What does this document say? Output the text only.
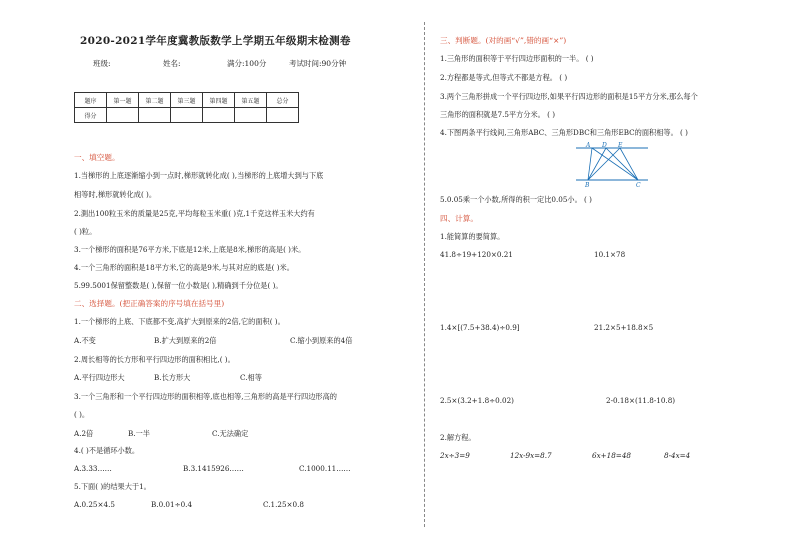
2020-2021学年度冀教版数学上学期五年级期末检测卷
班级:	姓名:	满分:100分	考试时间:90分钟
题序	第一题	第二题	第三题	第四题	第五题	总分
得分						
一、填空题。
1.当梯形的上底逐渐缩小到一点时,梯形就转化成( ),当梯形的上底增大到与下底
相等时,梯形就转化成( )。
2.測出100粒玉米的质量是25克,平均每粒玉米重( )克,1千克这样玉米大约有
( )粒。
3.一个梯形的面积是76平方米,下底是12米,上底是8米,梯形的高是( )米。
4.一个三角形的面积是18平方米,它的高是9米,与其对应的底是( )米。
5.99.5001保留整数是( ),保留一位小数是( ),精确到千分位是( )。
二、选择题。(把正确答案的序号填在括号里)
1.一个梯形的上底、下底都不变,高扩大到原来的2倍,它的面积( )。
A.不变	B.扩大到原来的2倍	C.缩小到原来的4倍
2.周长相等的长方形和平行四边形的面积相比,( )。
A.平行四边形大	B.长方形大	C.相等
3.一个三角形和一个平行四边形的面积相等,底也相等,三角形的高是平行四边形高的
( )。
A.2倍	B.一半	C.无法确定
4.( )不是循环小数。
A.3.33……	B.3.1415926……	C.1000.11……
5.下面( )的结果大于1。
A.0.25×4.5	B.0.01÷0.4	C.1.25×0.8
三、判断题。(对的画“√”,错的画“×”)
1.三角形的面积等于平行四边形面积的一半。 ( )
2.方程都是等式,但等式不都是方程。 ( )
3.两个三角形拼成一个平行四边形,如果平行四边形的面积是15平方分米,那么每个
三角形的面积就是7.5平方分米。 ( )
4.下图两条平行线间,三角形ABC、三角形DBC和三角形EBC的面积相等。 ( )
A D E
B	C
5.0.05乘一个小数,所得的积一定比0.05小。 ( )
四、计算。
1.能简算的要简算。
41.8÷19+120×0.21	10.1×78
1.4×[(7.5+38.4)÷0.9]	21.2×5+18.8×5
2.5×(3.2+1.8÷0.02)	2-0.18×(11.8-10.8)
2.解方程。
2x÷3=9	12x-9x=8.7	6x+18=48	8-4x=4
